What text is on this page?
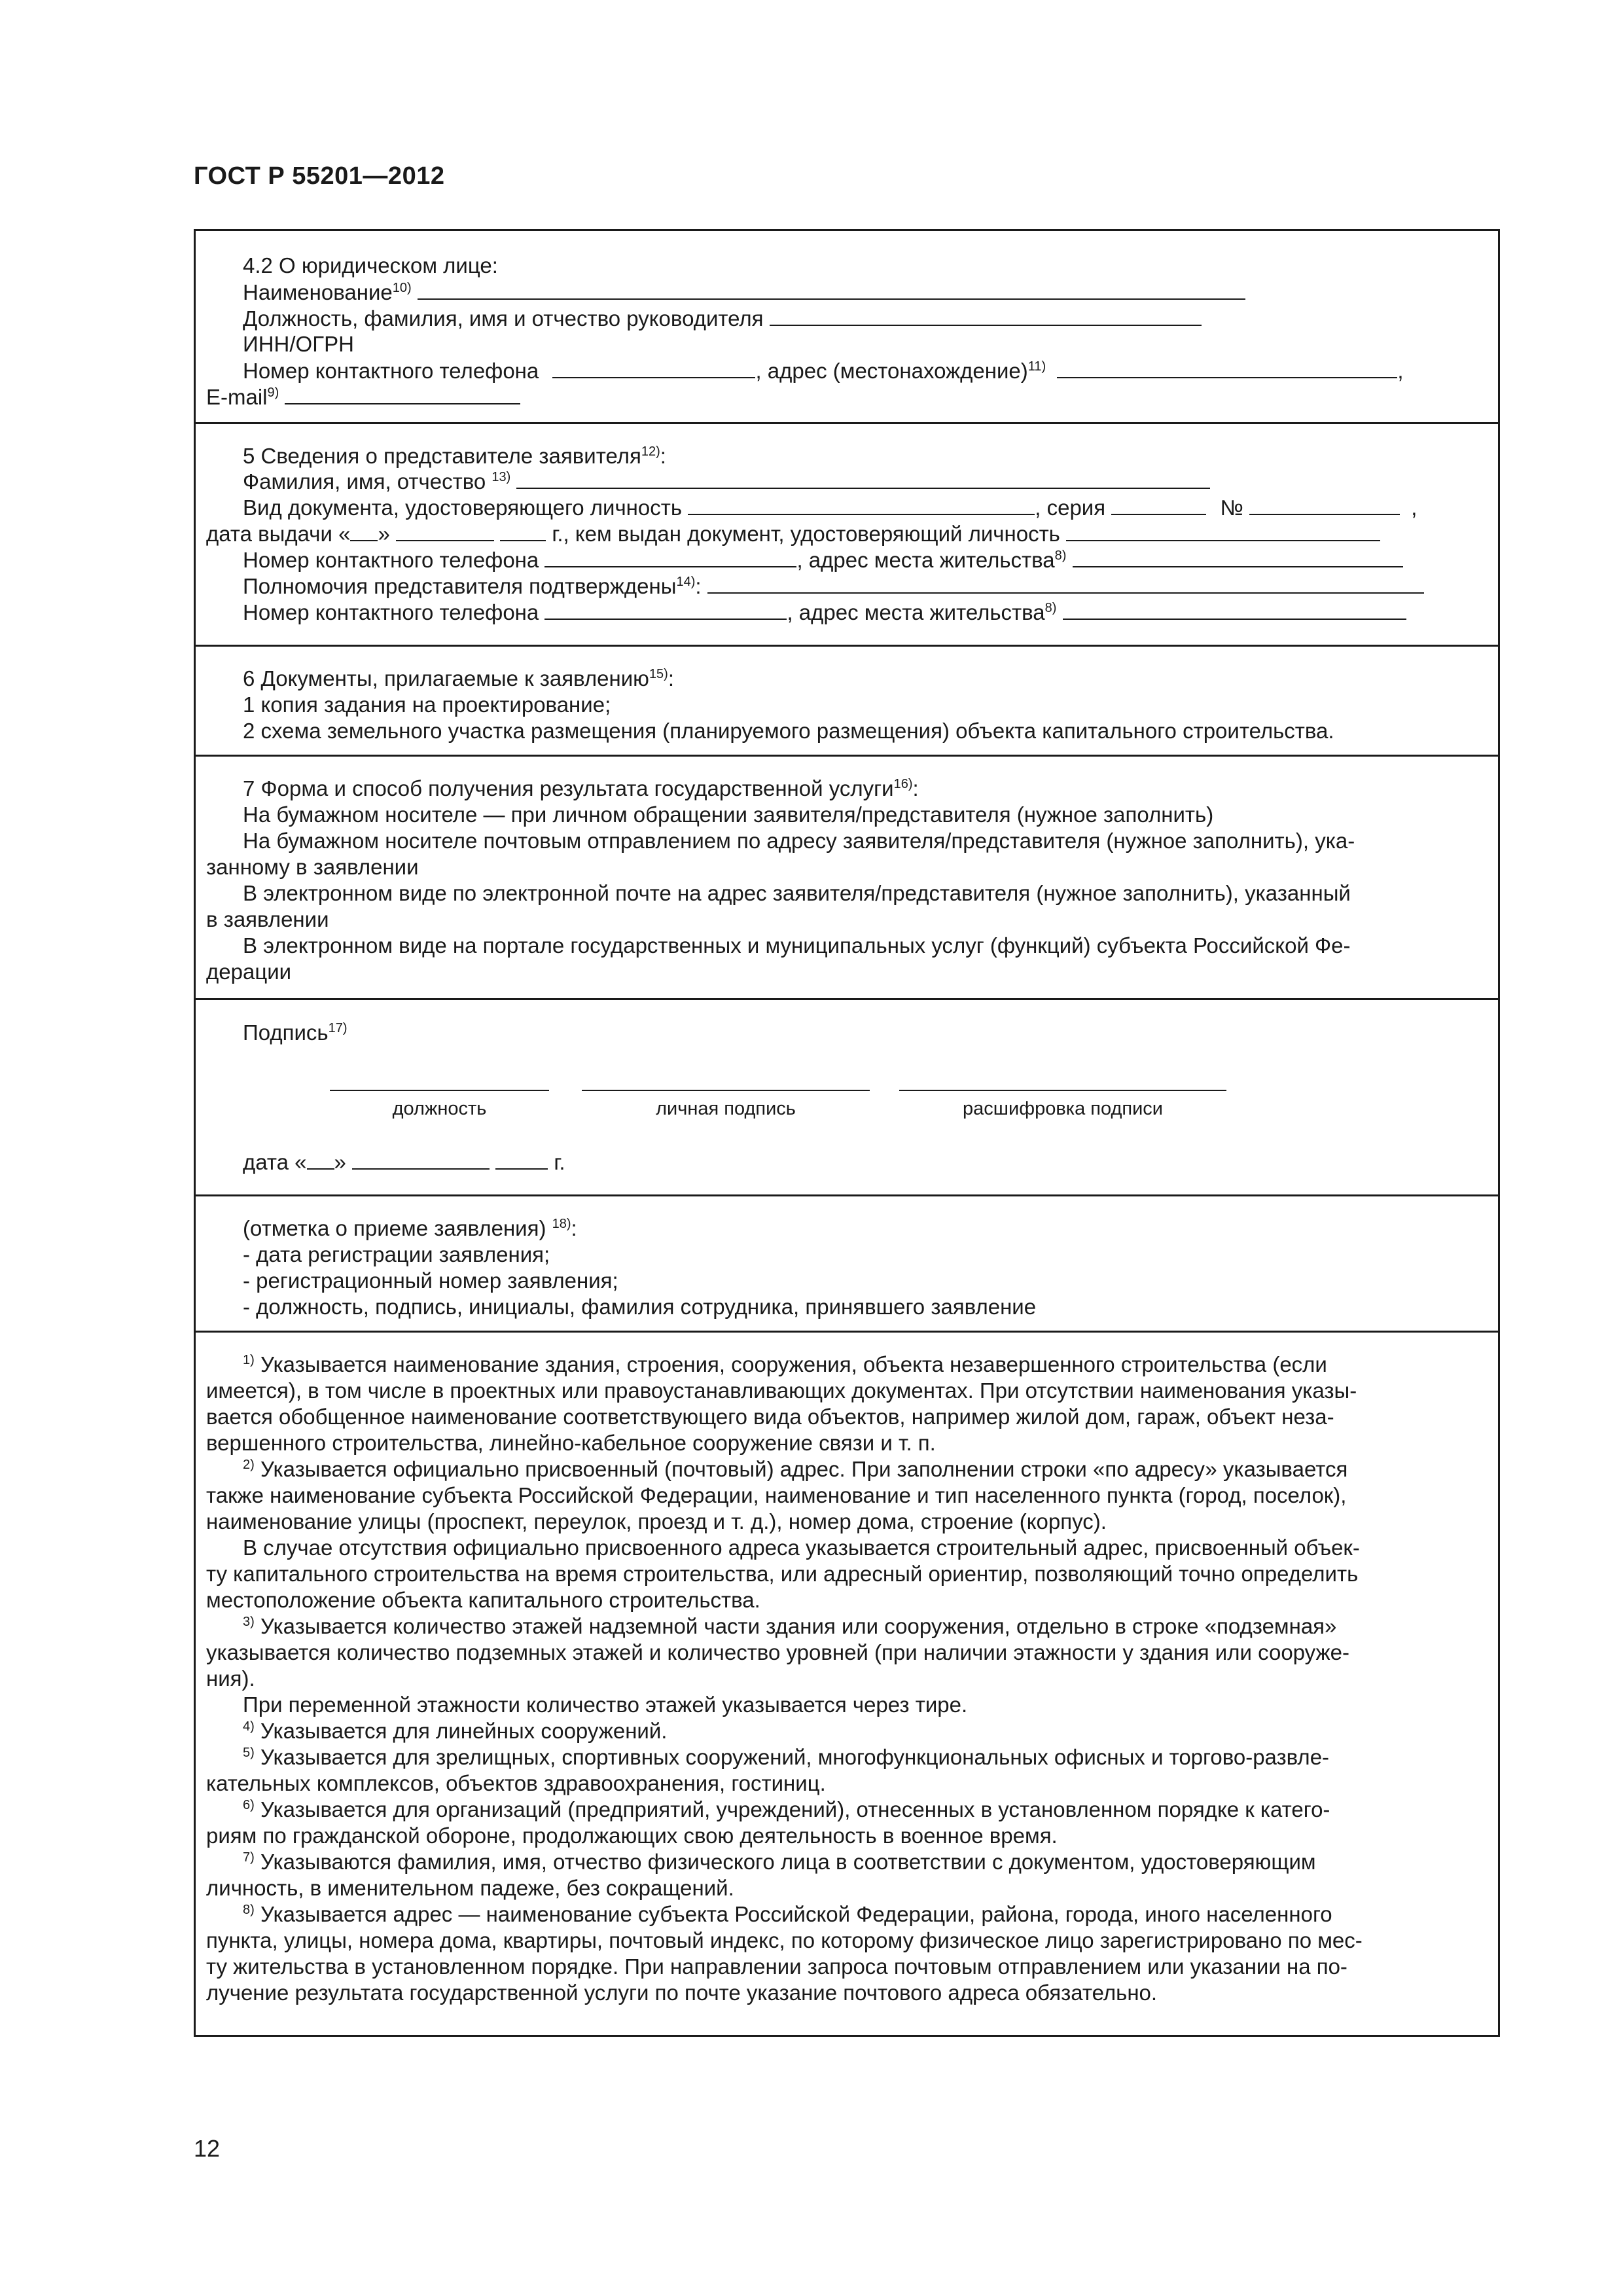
ГОСТ Р 55201—2012
4.2 О юридическом лице:
Наименование$^{10)}$
Должность, фамилия, имя и отчество руководителя
ИНН/ОГРН
Номер контактного телефона	, адрес (местонахождение)$^{11)}$	,
E-mail$^{9)}$
5 Сведения о представителе заявителя$^{12)}$:
Фамилия, имя, отчество $^{13)}$
Вид документа, удостоверяющего личность	, серия	№	,
дата выдачи « »	г., кем выдан документ, удостоверяющий личность
Номер контактного телефона	, адрес места жительства$^{8)}$
Полномочия представителя подтверждены$^{14)}$:
Номер контактного телефона	, адрес места жительства$^{8)}$
6 Документы, прилагаемые к заявлению$^{15)}$:
1 копия задания на проектирование;
2 схема земельного участка размещения (планируемого размещения) объекта капитального строительства.
7 Форма и способ получения результата государственной услуги$^{16)}$:
На бумажном носителе — при личном обращении заявителя/представителя (нужное заполнить)
На бумажном носителе почтовым отправлением по адресу заявителя/представителя (нужное заполнить), ука-
занному в заявлении
В электронном виде по электронной почте на адрес заявителя/представителя (нужное заполнить), указанный
в заявлении
В электронном виде на портале государственных и муниципальных услуг (функций) субъекта Российской Фе-
дерации
Подпись$^{17)}$
должность	личная подпись	расшифровка подписи
дата « »	г.
(отметка о приеме заявления) $^{18)}$:
- дата регистрации заявления;
- регистрационный номер заявления;
- должность, подпись, инициалы, фамилия сотрудника, принявшего заявление
$^{1)}$ Указывается наименование здания, строения, сооружения, объекта незавершенного строительства (если
имеется), в том числе в проектных или правоустанавливающих документах. При отсутствии наименования указы-
вается обобщенное наименование соответствующего вида объектов, например жилой дом, гараж, объект неза-
вершенного строительства, линейно-кабельное сооружение связи и т. п.
$^{2)}$ Указывается официально присвоенный (почтовый) адрес. При заполнении строки «по адресу» указывается
также наименование субъекта Российской Федерации, наименование и тип населенного пункта (город, поселок),
наименование улицы (проспект, переулок, проезд и т. д.), номер дома, строение (корпус).
В случае отсутствия официально присвоенного адреса указывается строительный адрес, присвоенный объек-
ту капитального строительства на время строительства, или адресный ориентир, позволяющий точно определить
местоположение объекта капитального строительства.
$^{3)}$ Указывается количество этажей надземной части здания или сооружения, отдельно в строке «подземная»
указывается количество подземных этажей и количество уровней (при наличии этажности у здания или сооруже-
ния).
При переменной этажности количество этажей указывается через тире.
$^{4)}$ Указывается для линейных сооружений.
$^{5)}$ Указывается для зрелищных, спортивных сооружений, многофункциональных офисных и торгово-развле-
кательных комплексов, объектов здравоохранения, гостиниц.
$^{6)}$ Указывается для организаций (предприятий, учреждений), отнесенных в установленном порядке к катего-
риям по гражданской обороне, продолжающих свою деятельность в военное время.
$^{7)}$ Указываются фамилия, имя, отчество физического лица в соответствии с документом, удостоверяющим
личность, в именительном падеже, без сокращений.
$^{8)}$ Указывается адрес — наименование субъекта Российской Федерации, района, города, иного населенного
пункта, улицы, номера дома, квартиры, почтовый индекс, по которому физическое лицо зарегистрировано по мес-
ту жительства в установленном порядке. При направлении запроса почтовым отправлением или указании на по-
лучение результата государственной услуги по почте указание почтового адреса обязательно.
12
